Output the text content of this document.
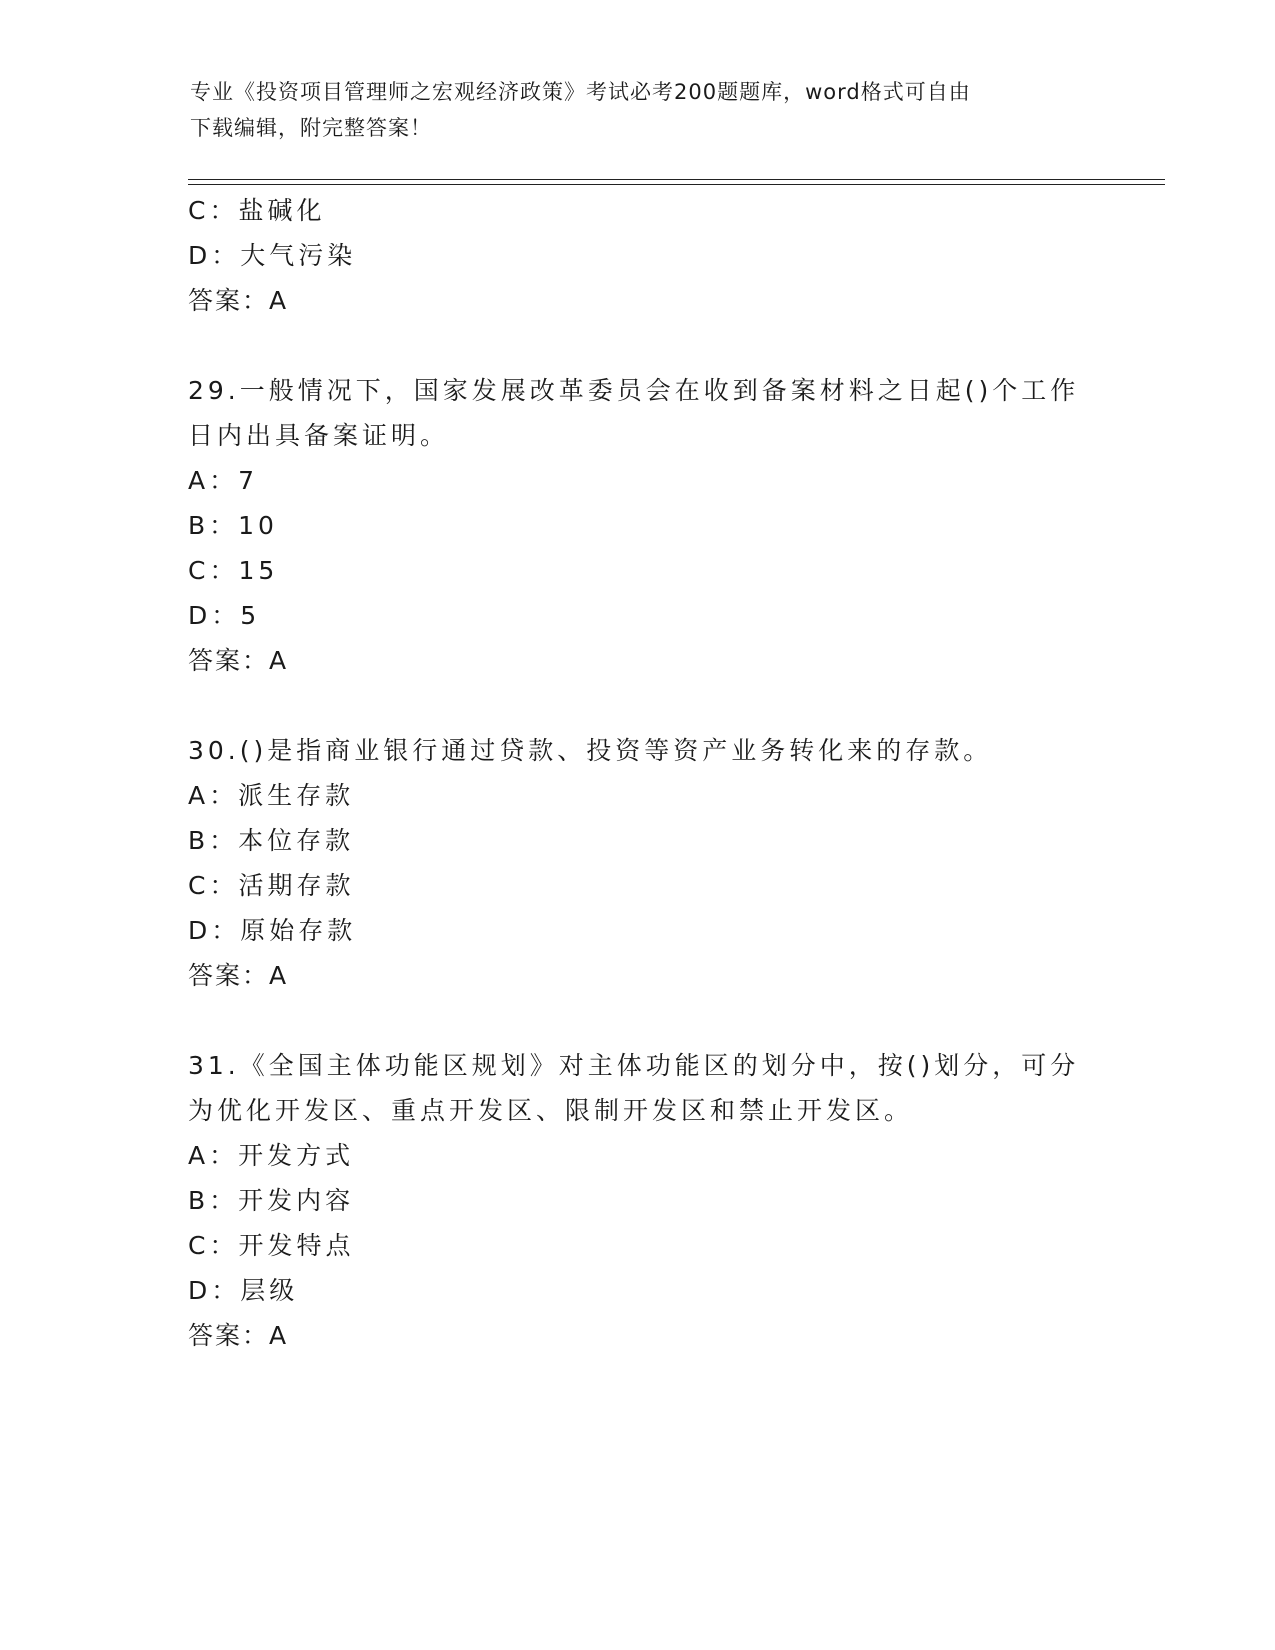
专业《投资项目管理师之宏观经济政策》考试必考200题题库，word格式可自由
下载编辑，附完整答案！
C：盐碱化
D：大气污染
答案：A
29.一般情况下，国家发展改革委员会在收到备案材料之日起()个工作
日内出具备案证明。
A：7
B：10
C：15
D：5
答案：A
30.()是指商业银行通过贷款、投资等资产业务转化来的存款。
A：派生存款
B：本位存款
C：活期存款
D：原始存款
答案：A
31.《全国主体功能区规划》对主体功能区的划分中，按()划分，可分
为优化开发区、重点开发区、限制开发区和禁止开发区。
A：开发方式
B：开发内容
C：开发特点
D：层级
答案：A
